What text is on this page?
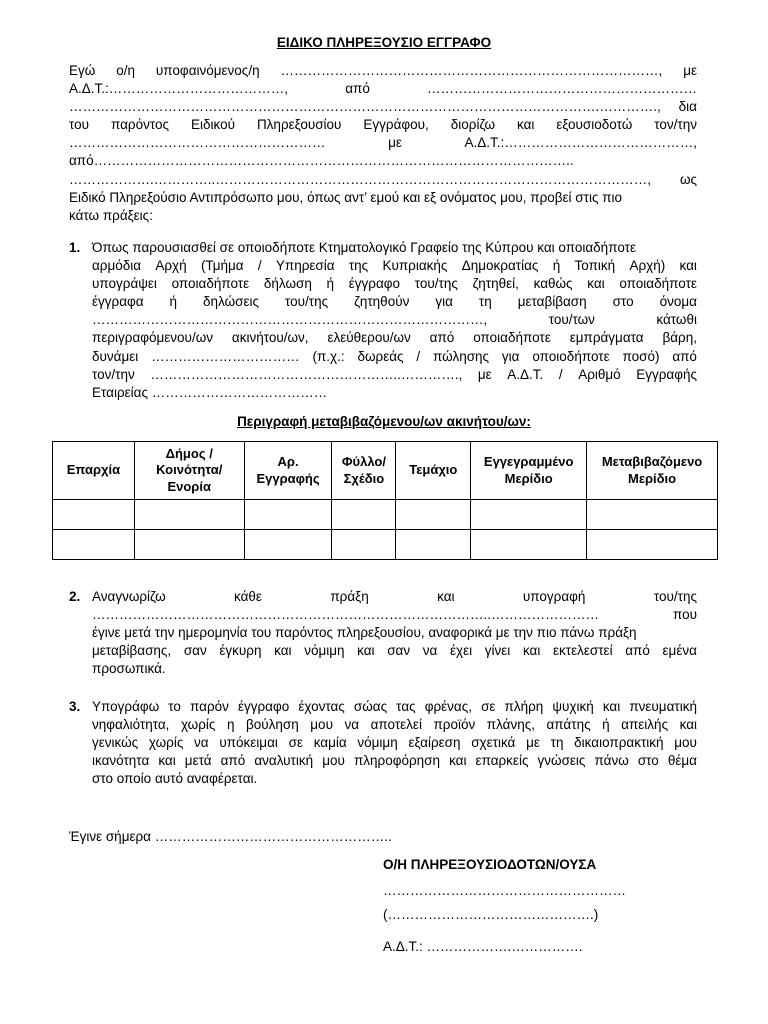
ΕΙΔΙΚΟ ΠΛΗΡΕΞΟΥΣΙΟ ΕΓΓΡΑΦΟ
Εγώ ο/η υποφαινόμενος/η …………………………………………………………………………, με
Α.Δ.Τ.:…………………………………,	από	……………………………………………………
……………………………………………………………………………………………………….…………., δια
του παρόντος Ειδικού Πληρεξουσίου Εγγράφου, διορίζω και εξουσιοδοτώ τον/την
…………………………………………………	με	Α.Δ.Τ.:……………………………………,
από……………………………………………………………………………………………..
……………….…………..……………………………………………………………………………………, ως
Ειδικό Πληρεξούσιο Αντιπρόσωπο μου, όπως αντ’ εμού και εξ ονόματος μου, προβεί στις πιο
κάτω πράξεις:
1. Όπως παρουσιασθεί σε οποιοδήποτε Κτηματολογικό Γραφείο της Κύπρου και οποιαδήποτε
αρμόδια Αρχή (Τμήμα / Υπηρεσία της Κυπριακής Δημοκρατίας ή Τοπική Αρχή) και
υπογράψει οποιαδήποτε δήλωση ή έγγραφο του/της ζητηθεί, καθώς και οποιαδήποτε
έγγραφα ή δηλώσεις του/της ζητηθούν για τη μεταβίβαση στο όνομα
……………………………………………………………………………,	του/των	κάτωθι
περιγραφόμενου/ων ακινήτου/ων, ελεύθερου/ων από οποιαδήποτε εμπράγματα βάρη,
δυνάμει …………………………… (π.χ.: δωρεάς / πώλησης για οποιοδήποτε ποσό) από
τον/την ………………………………………………..…………., με Α.Δ.Τ. / Αριθμό Εγγραφής
Εταιρείας …………………………………
Περιγραφή μεταβιβαζόμενου/ων ακινήτου/ων:
Επαρχία	Δήμος / Κοινότητα/ Ενορία	Αρ. Εγγραφής	Φύλλο/ Σχέδιο	Τεμάχιο	Εγγεγραμμένο Μερίδιο	Μεταβιβαζόμενο Μερίδιο

2. Αναγνωρίζω	κάθε	πράξη	και	υπογραφή	του/της
……………………………………………………………………………..……………………	που
έγινε μετά την ημερομηνία του παρόντος πληρεξουσίου, αναφορικά με την πιο πάνω πράξη
μεταβίβασης, σαν έγκυρη και νόμιμη και σαν να έχει γίνει και εκτελεστεί από εμένα
προσωπικά.
3. Υπογράφω το παρόν έγγραφο έχοντας σώας τας φρένας, σε πλήρη ψυχική και πνευματική
νηφαλιότητα, χωρίς η βούληση μου να αποτελεί προϊόν πλάνης, απάτης ή απειλής και
γενικώς χωρίς να υπόκειμαι σε καμία νόμιμη εξαίρεση σχετικά με τη δικαιοπρακτική μου
ικανότητα και μετά από αναλυτική μου πληροφόρηση και επαρκείς γνώσεις πάνω στο θέμα
στο οποίο αυτό αναφέρεται.
Έγινε σήμερα ……………………………………………..
Ο/Η ΠΛΗΡΕΞΟΥΣΙΟΔΟΤΩΝ/ΟΥΣΑ
………………………………………………
(……………………………………….)
Α.Δ.Τ.: ……………….…………….
